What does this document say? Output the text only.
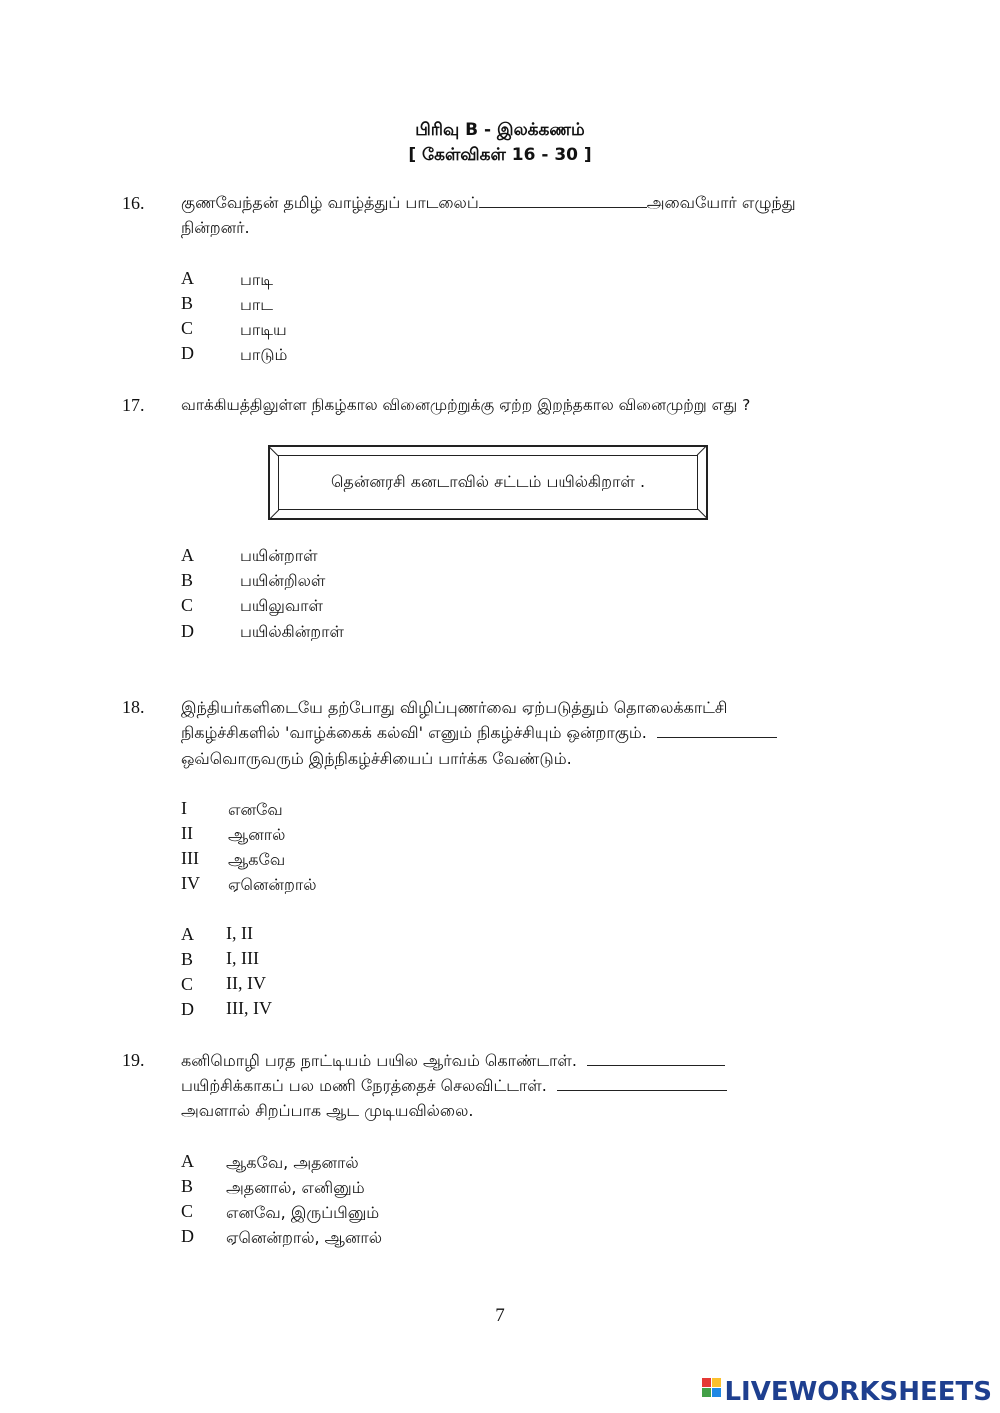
பிரிவு B - இலக்கணம்
[ கேள்விகள் 16 - 30 ]
16. குணவேந்தன் தமிழ் வாழ்த்துப் பாடலைப்	அவையோர் எழுந்து
நின்றனர்.
A	பாடி
B	பாட
C	பாடிய
D	பாடும்
17. வாக்கியத்திலுள்ள நிகழ்கால வினைமுற்றுக்கு ஏற்ற இறந்தகால வினைமுற்று எது ?
தென்னரசி கனடாவில் சட்டம் பயில்கிறாள் .
A	பயின்றாள்
B	பயின்றிலள்
C	பயிலுவாள்
D	பயில்கின்றாள்
18. இந்தியர்களிடையே தற்போது விழிப்புணர்வை ஏற்படுத்தும் தொலைக்காட்சி
நிகழ்ச்சிகளில் 'வாழ்க்கைக் கல்வி' எனும் நிகழ்ச்சியும் ஒன்றாகும்.
ஒவ்வொருவரும் இந்நிகழ்ச்சியைப் பார்க்க வேண்டும்.
I	எனவே
II ஆனால்
III ஆகவே
IV ஏனென்றால்
A I, II
B I, III
C II, IV
D III, IV
19. கனிமொழி பரத நாட்டியம் பயில ஆர்வம் கொண்டாள்.
பயிற்சிக்காகப் பல மணி நேரத்தைச் செலவிட்டாள்.
அவளால் சிறப்பாக ஆட முடியவில்லை.
A ஆகவே, அதனால்
B அதனால், எனினும்
C எனவே, இருப்பினும்
D ஏனென்றால், ஆனால்
7
LIVEWORKSHEETS
